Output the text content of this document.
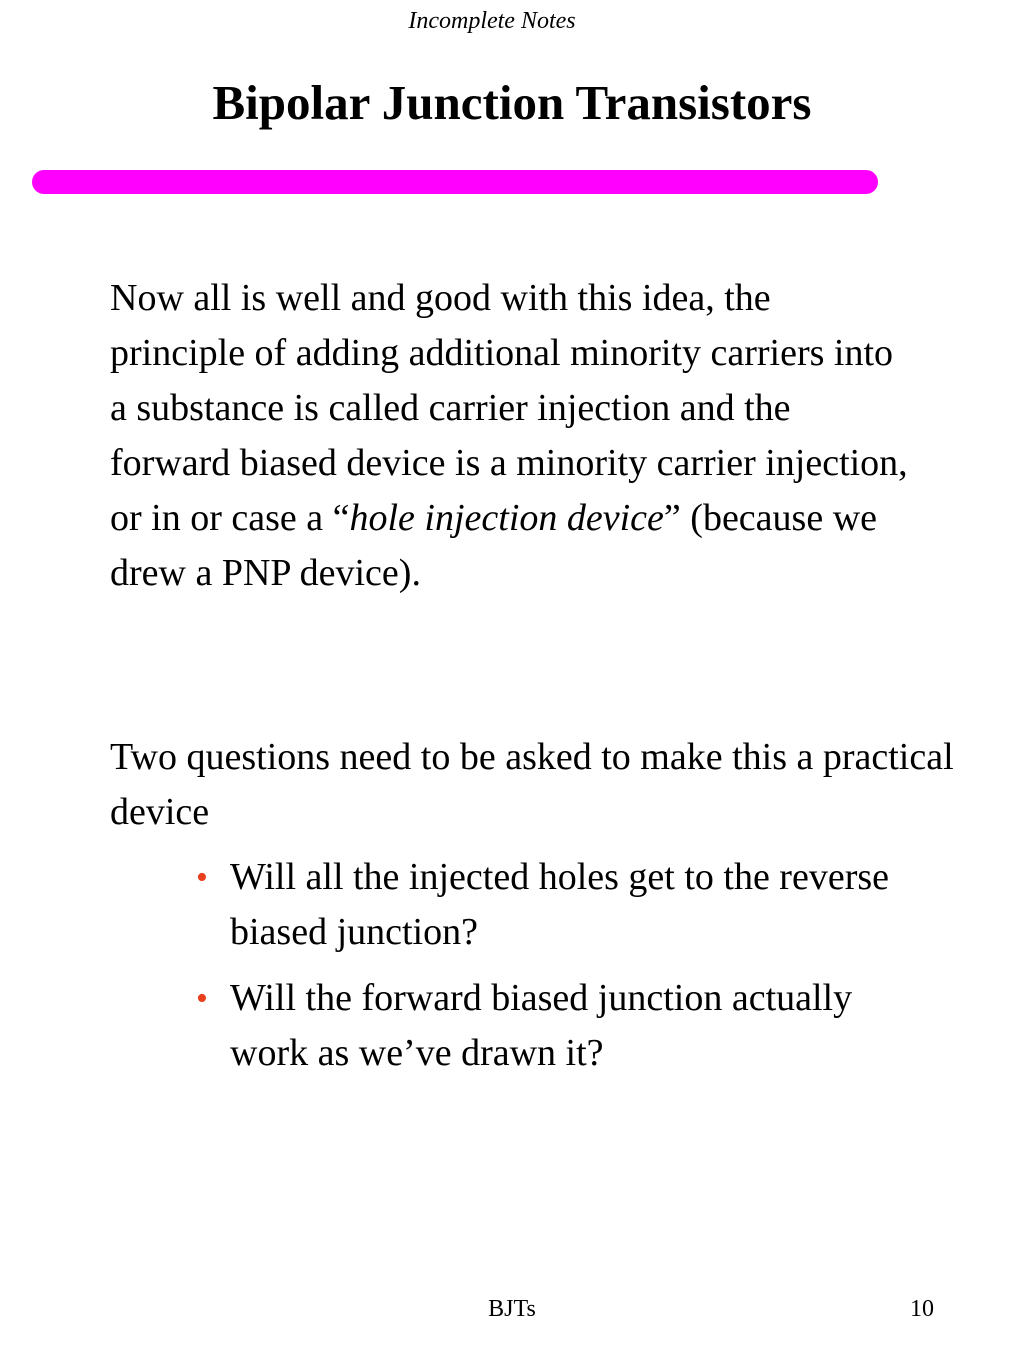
Incomplete Notes
Bipolar Junction Transistors

Now all is well and good with this idea, the principle of adding additional minority carriers into a substance is called carrier injection and the forward biased device is a minority carrier injection, or in or case a “hole injection device” (because we drew a PNP device).

Two questions need to be asked to make this a practical device

• Will all the injected holes get to the reverse biased junction?
• Will the forward biased junction actually work as we’ve drawn it?
BJTs	10
